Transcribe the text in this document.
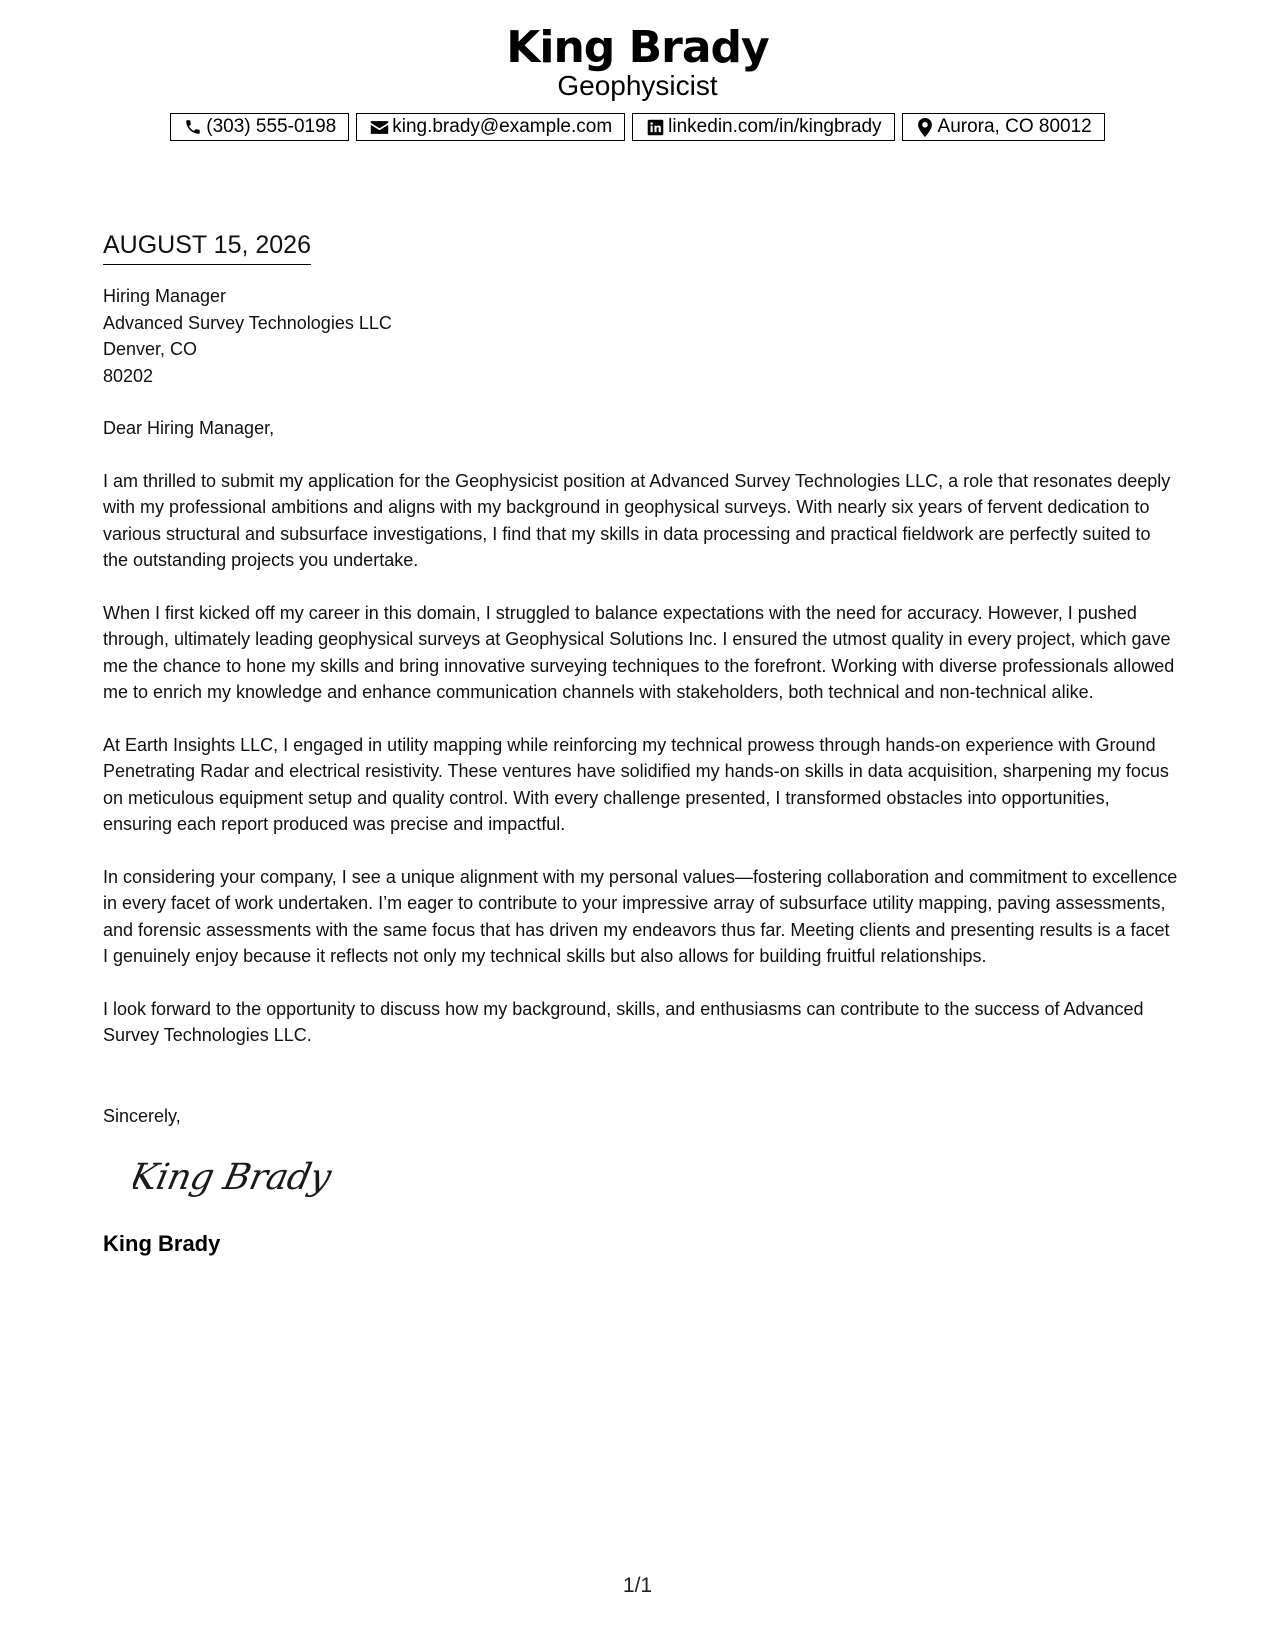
King Brady
Geophysicist
(303) 555-0198	king.brady@example.com	linkedin.com/in/kingbrady	Aurora, CO 80012
AUGUST 15, 2026
Hiring Manager
Advanced Survey Technologies LLC
Denver, CO
80202
Dear Hiring Manager,
I am thrilled to submit my application for the Geophysicist position at Advanced Survey Technologies LLC, a role that resonates deeply with my professional ambitions and aligns with my background in geophysical surveys. With nearly six years of fervent dedication to various structural and subsurface investigations, I find that my skills in data processing and practical fieldwork are perfectly suited to the outstanding projects you undertake.
When I first kicked off my career in this domain, I struggled to balance expectations with the need for accuracy. However, I pushed through, ultimately leading geophysical surveys at Geophysical Solutions Inc. I ensured the utmost quality in every project, which gave me the chance to hone my skills and bring innovative surveying techniques to the forefront. Working with diverse professionals allowed me to enrich my knowledge and enhance communication channels with stakeholders, both technical and non-technical alike.
At Earth Insights LLC, I engaged in utility mapping while reinforcing my technical prowess through hands-on experience with Ground Penetrating Radar and electrical resistivity. These ventures have solidified my hands-on skills in data acquisition, sharpening my focus on meticulous equipment setup and quality control. With every challenge presented, I transformed obstacles into opportunities, ensuring each report produced was precise and impactful.
In considering your company, I see a unique alignment with my personal values—fostering collaboration and commitment to excellence in every facet of work undertaken. I’m eager to contribute to your impressive array of subsurface utility mapping, paving assessments, and forensic assessments with the same focus that has driven my endeavors thus far. Meeting clients and presenting results is a facet I genuinely enjoy because it reflects not only my technical skills but also allows for building fruitful relationships.
I look forward to the opportunity to discuss how my background, skills, and enthusiasms can contribute to the success of Advanced Survey Technologies LLC.
Sincerely,
King Brady
King Brady
1/1
